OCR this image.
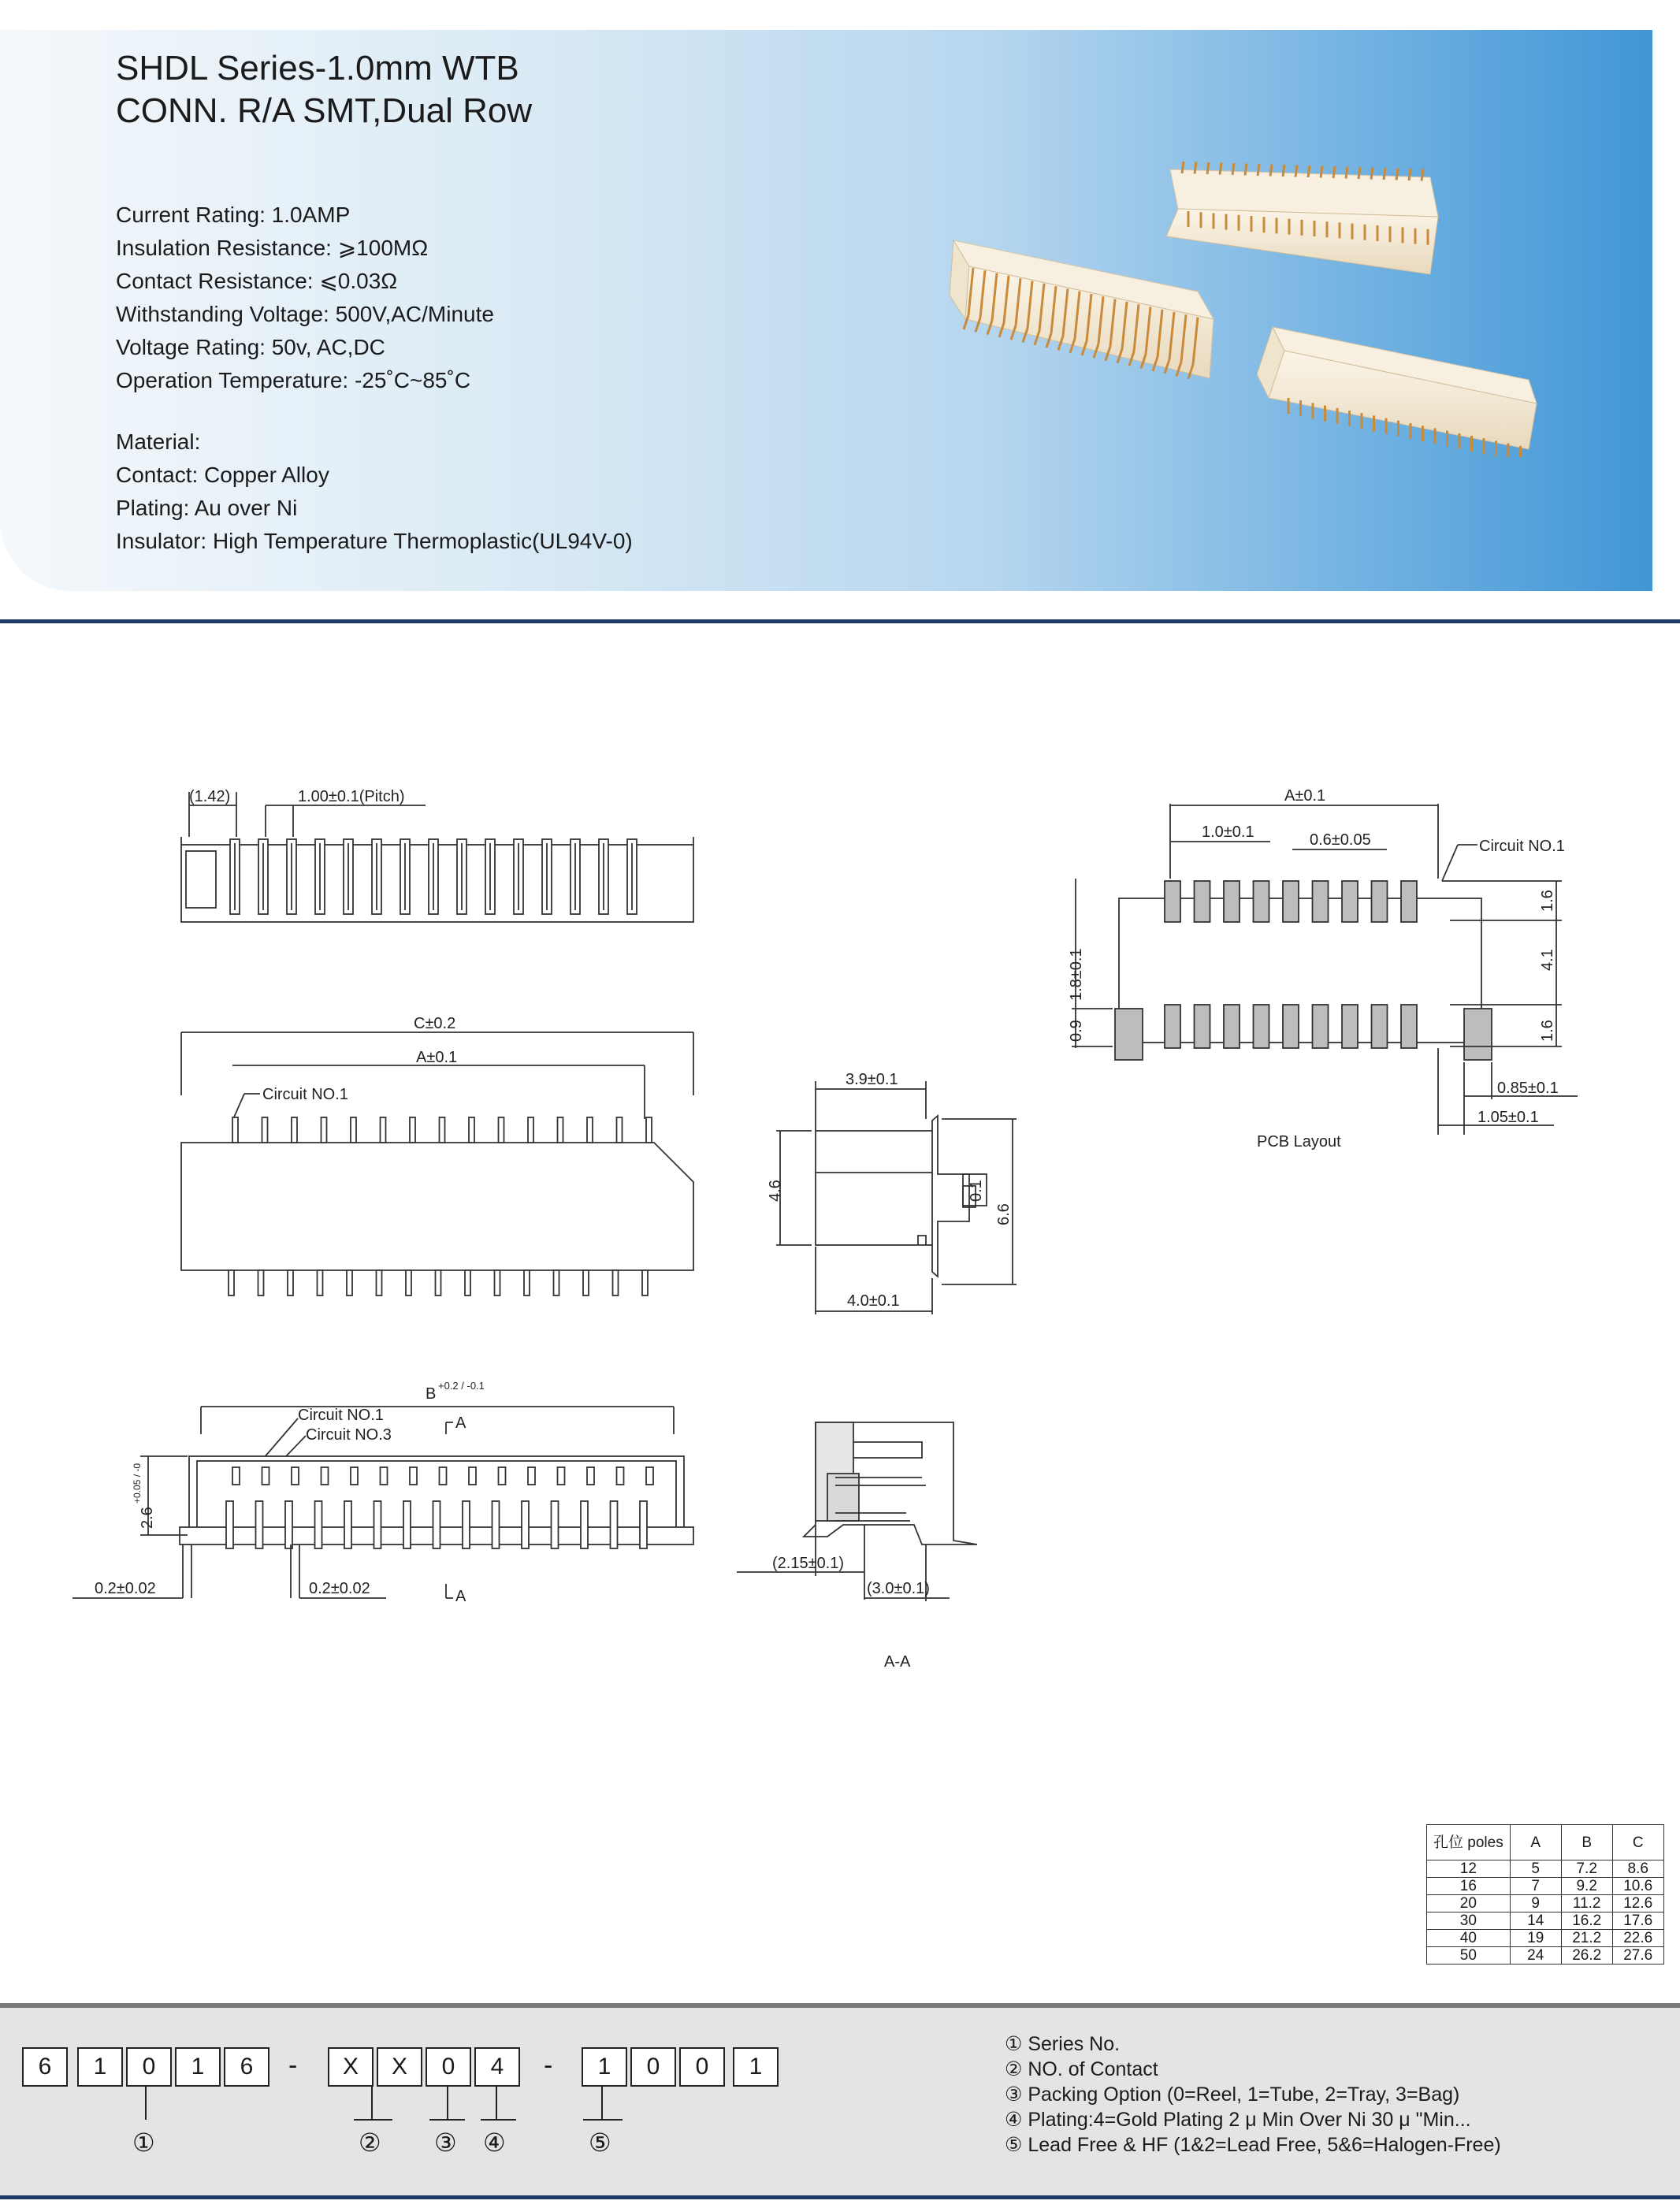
SHDL Series-1.0mm WTB
CONN. R/A SMT,Dual Row
Current Rating: 1.0AMP
Insulation Resistance: ⩾100MΩ
Contact Resistance: ⩽0.03Ω
Withstanding Voltage: 500V,AC/Minute
Voltage Rating: 50v, AC,DC
Operation Temperature: -25˚C~85˚C
Material:
Contact: Copper Alloy
Plating: Au over Ni
Insulator: High Temperature Thermoplastic(UL94V-0)
(1.42)	1.00±0.1(Pitch)
C±0.2
A±0.1
Circuit NO.1
B +0.2 / -0.1
Circuit NO.1
Circuit NO.3
A
A
2.6
+0.05 / -0
0.2±0.02	0.2±0.02
3.9±0.1
4.6
6.6
0.1
4.0±0.1
(2.15±0.1)
(3.0±0.1)
A-A
A±0.1
1.0±0.1	0.6±0.05	Circuit NO.1
1.6
4.1
1.6
1.8±0.1
0.9
0.85±0.1
1.05±0.1
PCB Layout
孔位 poles	A	B	C
12	5	7.2	8.6
16	7	9.2	10.6
20	9	11.2	12.6
30	14	16.2	17.6
40	19	21.2	22.6
50	24	26.2	27.6
6	1	0	1	6	-	X	X	0	4	-	1	0	0	1
①	② ③ ④	⑤
① Series No.
② NO. of Contact
③ Packing Option (0=Reel, 1=Tube, 2=Tray, 3=Bag)
④ Plating:4=Gold Plating 2 μ Min Over Ni 30 μ "Min...
⑤ Lead Free & HF (1&2=Lead Free, 5&6=Halogen-Free)
